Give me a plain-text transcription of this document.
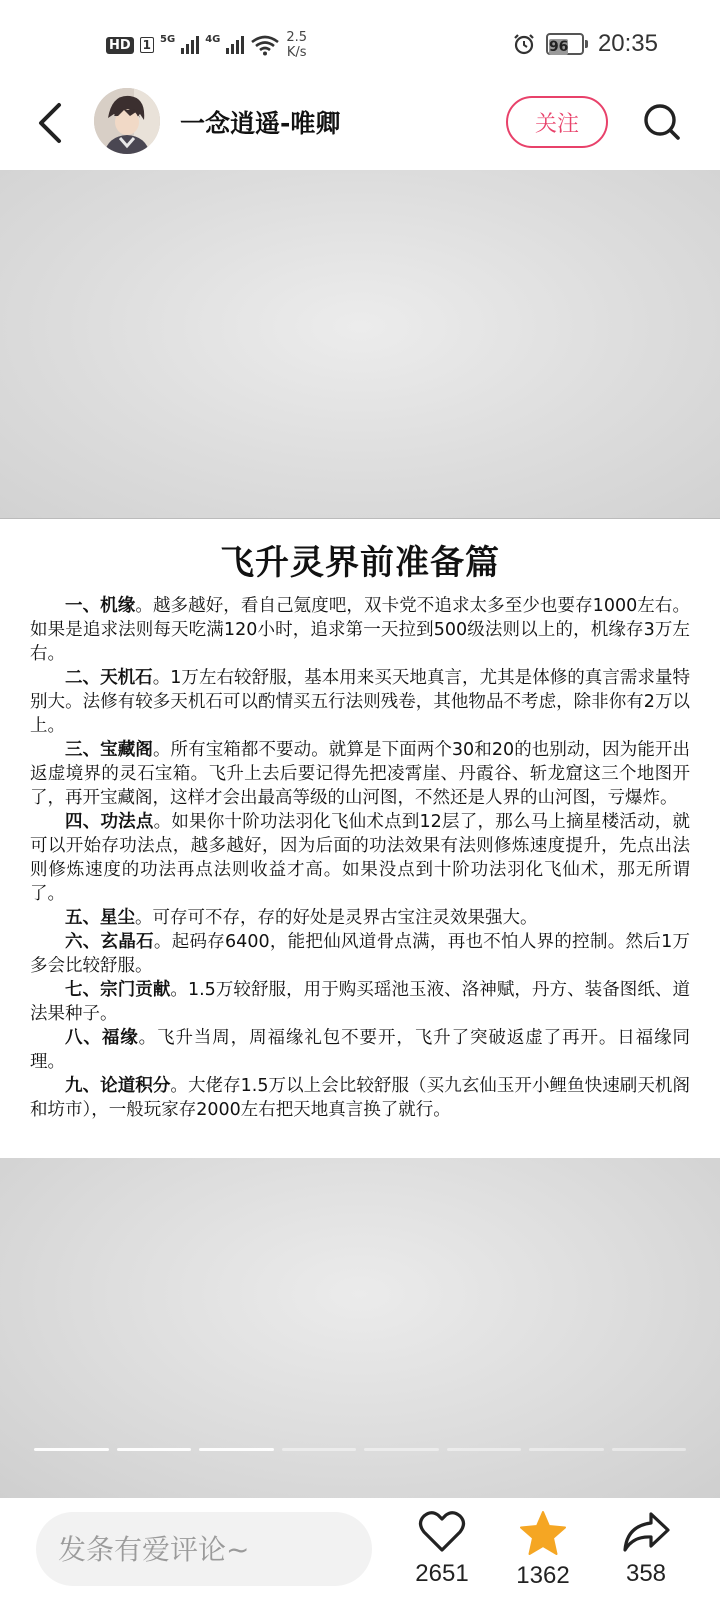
HD 1 5G	4G	2.5
K/s	96	20:35
一念逍遥-唯卿	关注
飞升灵界前准备篇

一、机缘。越多越好，看自己氪度吧，双卡党不追求太多至少也要存1000左右。如果是追求法则每天吃满120小时，追求第一天拉到500级法则以上的，机缘存3万左右。

二、天机石。1万左右较舒服，基本用来买天地真言，尤其是体修的真言需求量特别大。法修有较多天机石可以酌情买五行法则残卷，其他物品不考虑，除非你有2万以上。

三、宝藏阁。所有宝箱都不要动。就算是下面两个30和20的也别动，因为能开出返虚境界的灵石宝箱。飞升上去后要记得先把凌霄崖、丹霞谷、斩龙窟这三个地图开了，再开宝藏阁，这样才会出最高等级的山河图，不然还是人界的山河图，亏爆炸。

四、功法点。如果你十阶功法羽化飞仙术点到12层了，那么马上摘星楼活动，就可以开始存功法点，越多越好，因为后面的功法效果有法则修炼速度提升，先点出法则修炼速度的功法再点法则收益才高。如果没点到十阶功法羽化飞仙术，那无所谓了。

五、星尘。可存可不存，存的好处是灵界古宝注灵效果强大。

六、玄晶石。起码存6400，能把仙风道骨点满，再也不怕人界的控制。然后1万多会比较舒服。

七、宗门贡献。1.5万较舒服，用于购买瑶池玉液、洛神赋，丹方、装备图纸、道法果种子。

八、福缘。飞升当周，周福缘礼包不要开，飞升了突破返虚了再开。日福缘同理。

九、论道积分。大佬存1.5万以上会比较舒服（买九玄仙玉开小鲤鱼快速刷天机阁和坊市），一般玩家存2000左右把天地真言换了就行。

发条有爱评论~
2651	1362	358
